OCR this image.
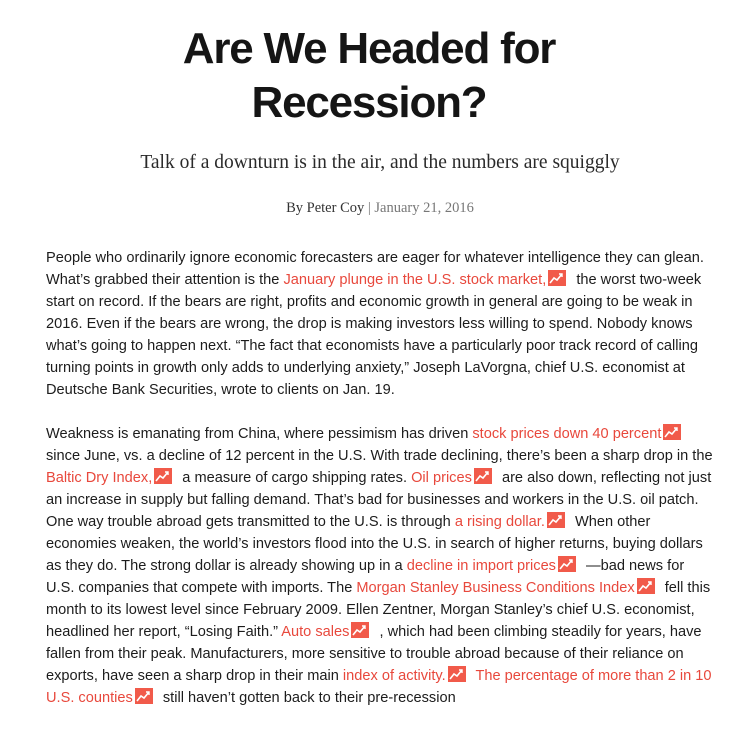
Are We Headed for
Recession?

Talk of a downturn is in the air, and the numbers are squiggly

By Peter Coy | January 21, 2016

People who ordinarily ignore economic forecasters are eager for whatever intelligence they can glean. What’s grabbed their attention is the January plunge in the U.S. stock market,
the worst two-week start on record. If the bears are right, profits and economic growth in general are going to be weak in 2016. Even if the bears are wrong, the drop is making investors less willing to spend. Nobody knows what’s going to happen next. “The fact that economists have a particularly poor track record of calling turning points in growth only adds to underlying anxiety,” Joseph LaVorgna, chief U.S. economist at Deutsche Bank Securities, wrote to clients on Jan. 19.

Weakness is emanating from China, where pessimism has driven stock prices down 40 percent
since June, vs. a decline of 12 percent in the U.S. With trade declining, there’s been a sharp drop in the Baltic Dry Index,
a measure of cargo shipping rates. Oil prices
are also down, reflecting not just an increase in supply but falling demand. That’s bad for businesses and workers in the U.S. oil patch. One way trouble abroad gets transmitted to the U.S. is through a rising dollar.
When other economies weaken, the world’s investors flood into the U.S. in search of higher returns, buying dollars as they do. The strong dollar is already showing up in a decline in import prices
—bad news for U.S. companies that compete with imports. The Morgan Stanley Business Conditions Index
fell this month to its lowest level since February 2009. Ellen Zentner, Morgan Stanley’s chief U.S. economist, headlined her report, “Losing Faith.” Auto sales
, which had been climbing steadily for years, have fallen from their peak. Manufacturers, more sensitive to trouble abroad because of their reliance on exports, have seen a sharp drop in their main index of activity. The percentage of more than 2 in 10 U.S. counties
still haven’t gotten back to their pre-recession
